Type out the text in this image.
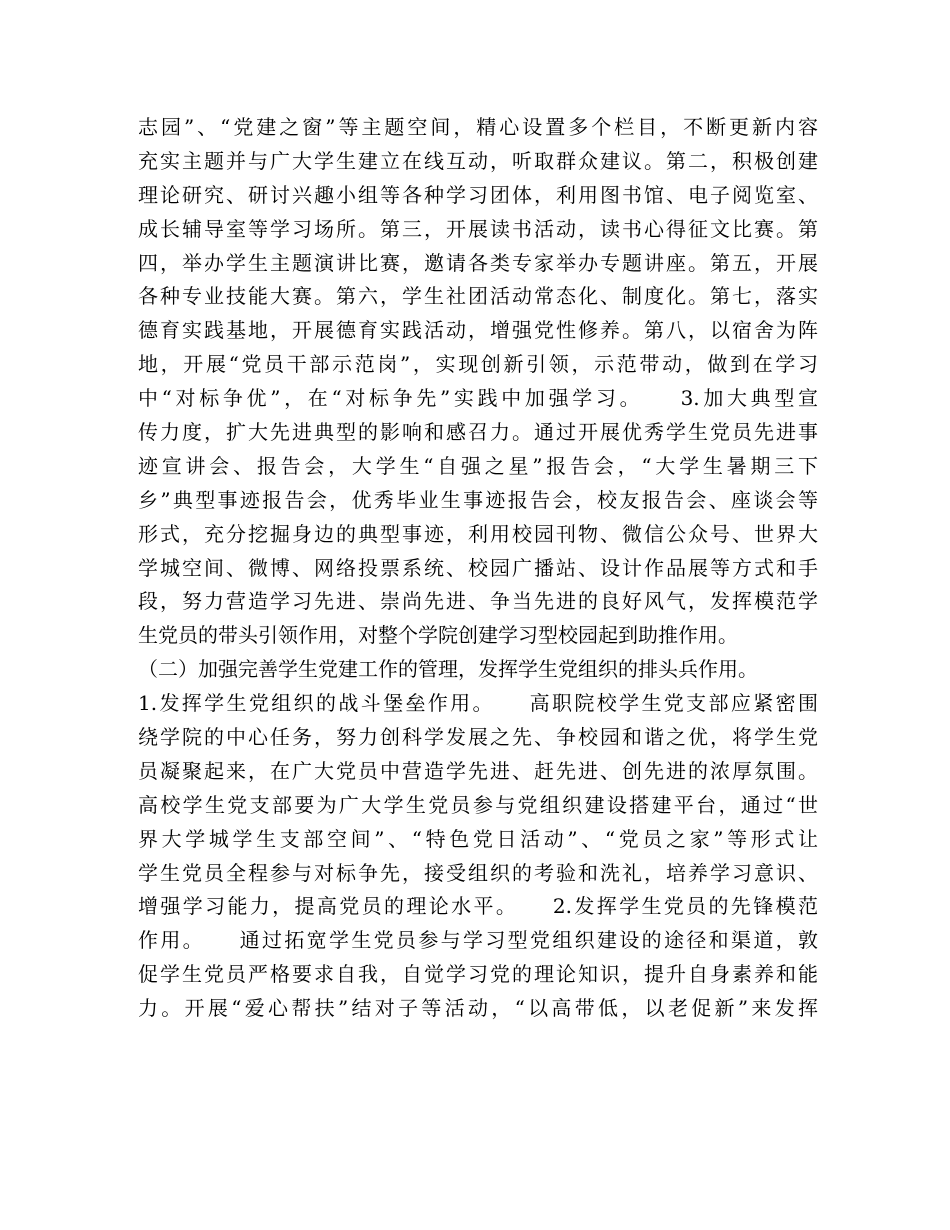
志园”、“党建之窗”等主题空间，精心设置多个栏目，不断更新内容
充实主题并与广大学生建立在线互动，听取群众建议。第二，积极创建
理论研究、研讨兴趣小组等各种学习团体，利用图书馆、电子阅览室、
成长辅导室等学习场所。第三，开展读书活动，读书心得征文比赛。第
四，举办学生主题演讲比赛，邀请各类专家举办专题讲座。第五，开展
各种专业技能大赛。第六，学生社团活动常态化、制度化。第七，落实
德育实践基地，开展德育实践活动，增强党性修养。第八，以宿舍为阵
地，开展“党员干部示范岗”，实现创新引领，示范带动，做到在学习
中“对标争优”，在“对标争先”实践中加强学习。　　3.加大典型宣
传力度，扩大先进典型的影响和感召力。通过开展优秀学生党员先进事
迹宣讲会、报告会，大学生“自强之星”报告会，“大学生暑期三下
乡”典型事迹报告会，优秀毕业生事迹报告会，校友报告会、座谈会等
形式，充分挖掘身边的典型事迹，利用校园刊物、微信公众号、世界大
学城空间、微博、网络投票系统、校园广播站、设计作品展等方式和手
段，努力营造学习先进、崇尚先进、争当先进的良好风气，发挥模范学
生党员的带头引领作用，对整个学院创建学习型校园起到助推作用。
（二）加强完善学生党建工作的管理，发挥学生党组织的排头兵作用。
1.发挥学生党组织的战斗堡垒作用。　　高职院校学生党支部应紧密围
绕学院的中心任务，努力创科学发展之先、争校园和谐之优，将学生党
员凝聚起来，在广大党员中营造学先进、赶先进、创先进的浓厚氛围。
高校学生党支部要为广大学生党员参与党组织建设搭建平台，通过“世
界大学城学生支部空间”、“特色党日活动”、“党员之家”等形式让
学生党员全程参与对标争先，接受组织的考验和洗礼，培养学习意识、
增强学习能力，提高党员的理论水平。　　2.发挥学生党员的先锋模范
作用。　　通过拓宽学生党员参与学习型党组织建设的途径和渠道，敦
促学生党员严格要求自我，自觉学习党的理论知识，提升自身素养和能
力。开展“爱心帮扶”结对子等活动，“以高带低，以老促新”来发挥
